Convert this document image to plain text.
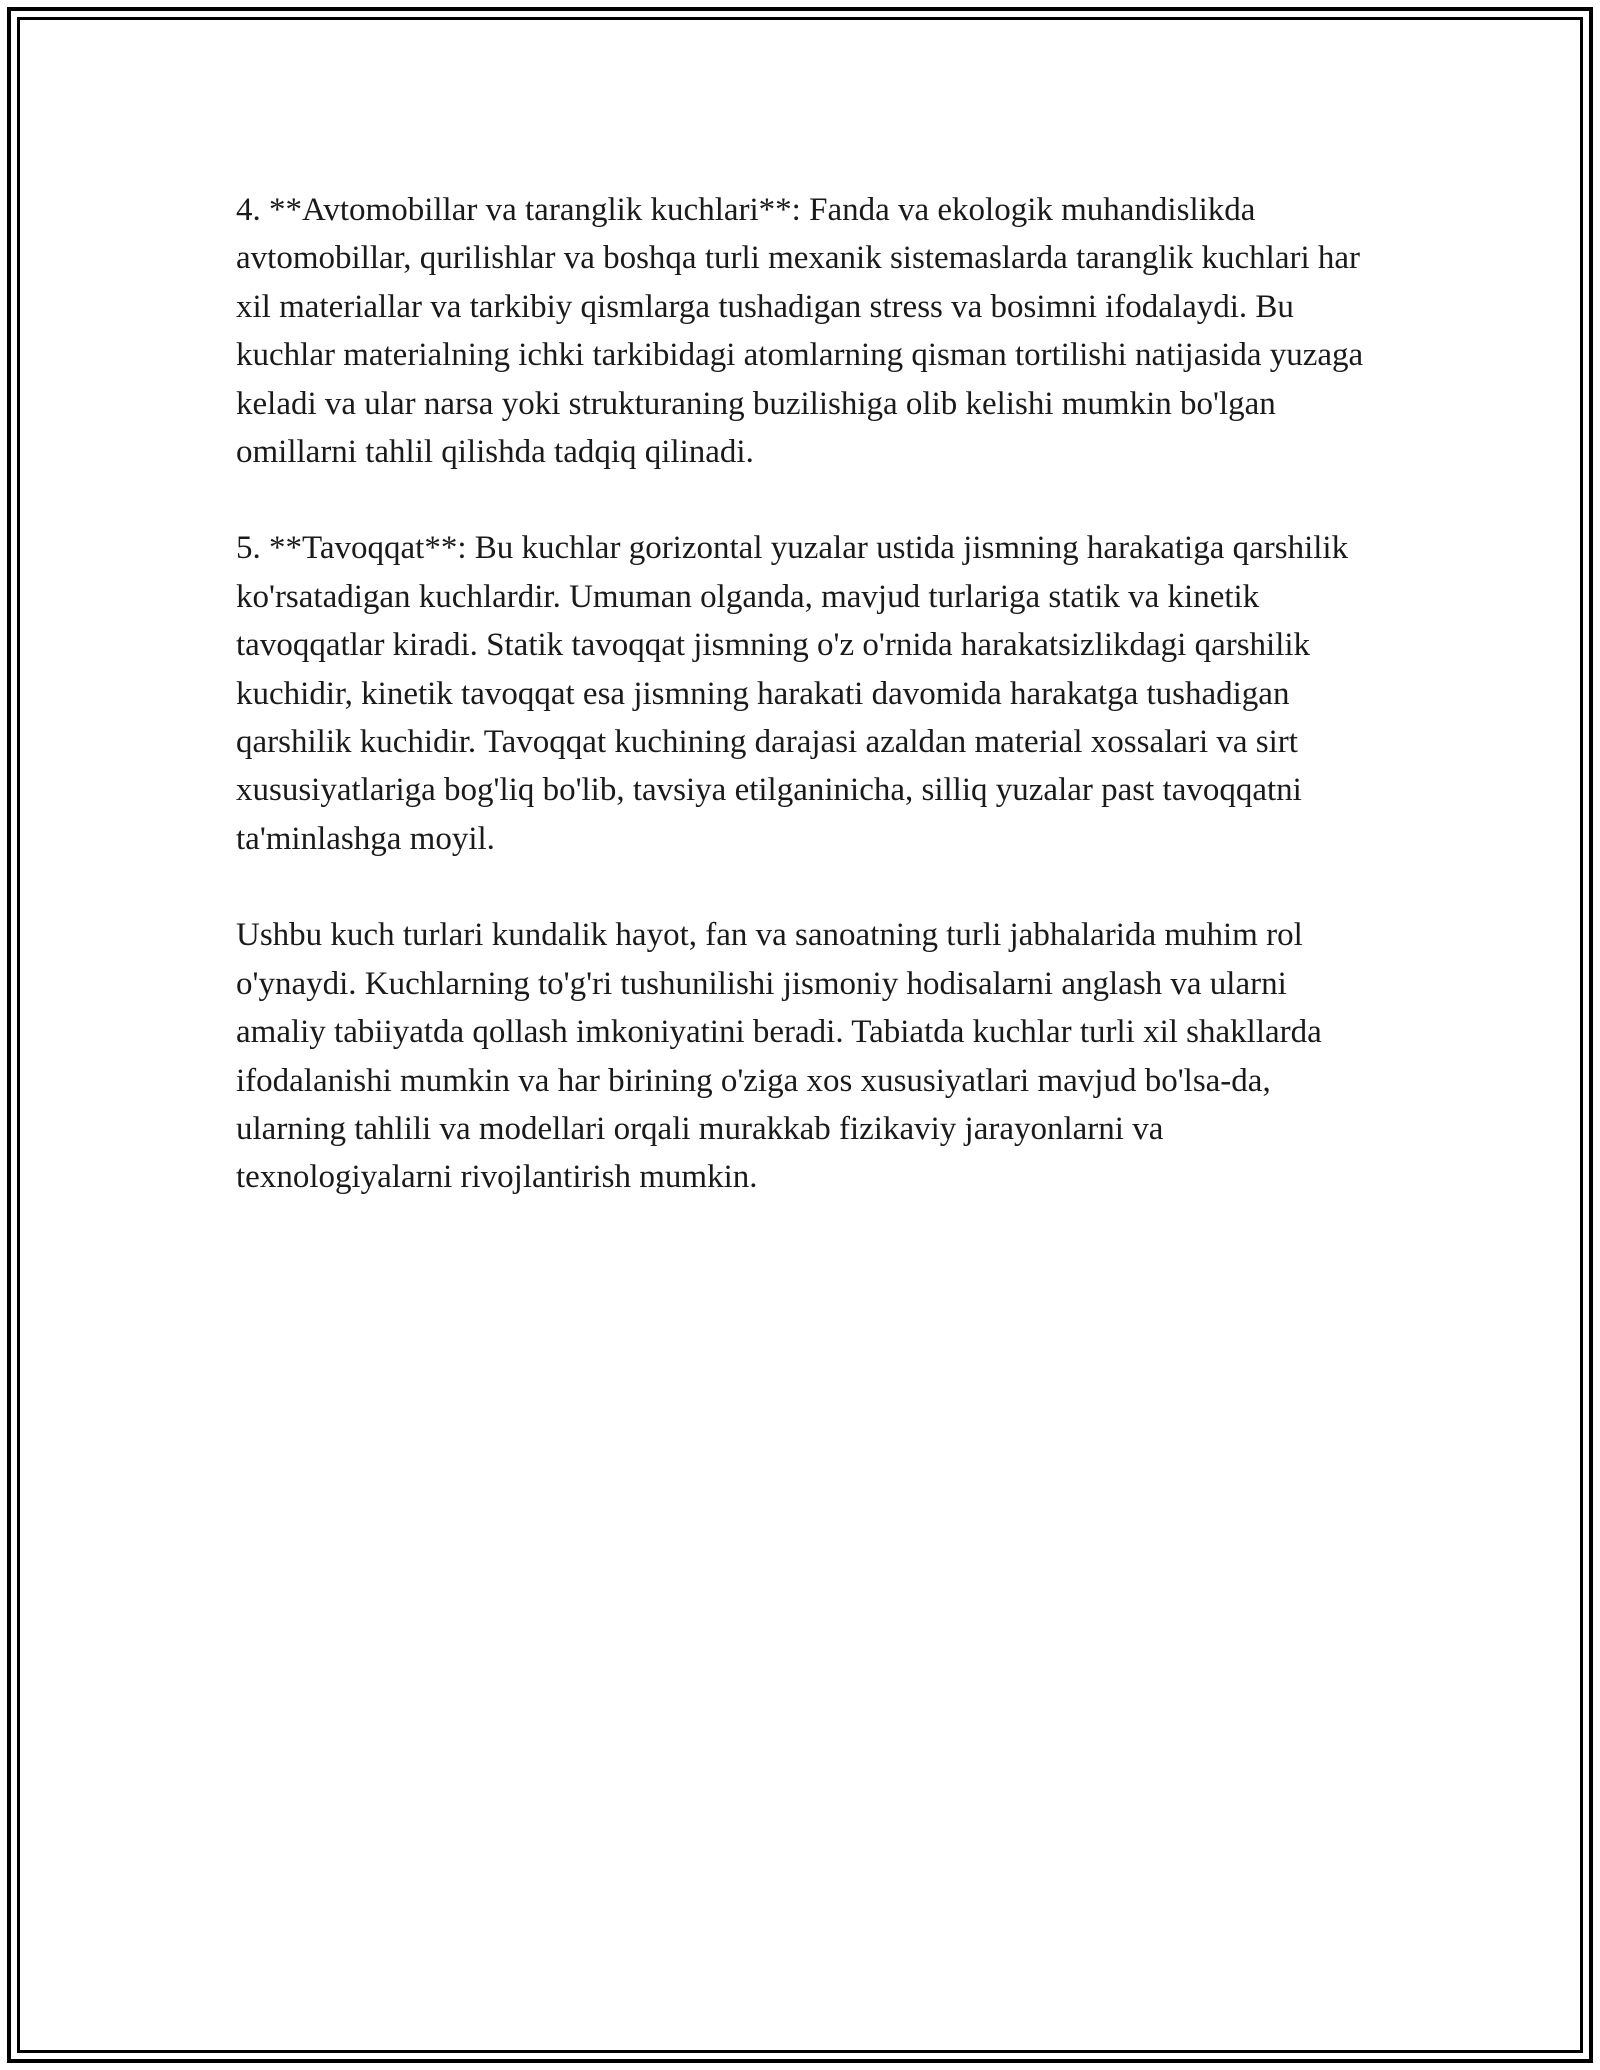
4. **Avtomobillar va taranglik kuchlari**: Fanda va ekologik muhandislikda avtomobillar, qurilishlar va boshqa turli mexanik sistemaslarda taranglik kuchlari har xil materiallar va tarkibiy qismlarga tushadigan stress va bosimni ifodalaydi. Bu kuchlar materialning ichki tarkibidagi atomlarning qisman tortilishi natijasida yuzaga keladi va ular narsa yoki strukturaning buzilishiga olib kelishi mumkin bo'lgan omillarni tahlil qilishda tadqiq qilinadi.

5. **Tavoqqat**: Bu kuchlar gorizontal yuzalar ustida jismning harakatiga qarshilik ko'rsatadigan kuchlardir. Umuman olganda, mavjud turlariga statik va kinetik tavoqqatlar kiradi. Statik tavoqqat jismning o'z o'rnida harakatsizlikdagi qarshilik kuchidir, kinetik tavoqqat esa jismning harakati davomida harakatga tushadigan qarshilik kuchidir. Tavoqqat kuchining darajasi azaldan material xossalari va sirt xususiyatlariga bog'liq bo'lib, tavsiya etilganinicha, silliq yuzalar past tavoqqatni ta'minlashga moyil.

Ushbu kuch turlari kundalik hayot, fan va sanoatning turli jabhalarida muhim rol o'ynaydi. Kuchlarning to'g'ri tushunilishi jismoniy hodisalarni anglash va ularni amaliy tabiiyatda qollash imkoniyatini beradi. Tabiatda kuchlar turli xil shakllarda ifodalanishi mumkin va har birining o'ziga xos xususiyatlari mavjud bo'lsa-da, ularning tahlili va modellari orqali murakkab fizikaviy jarayonlarni va texnologiyalarni rivojlantirish mumkin.
